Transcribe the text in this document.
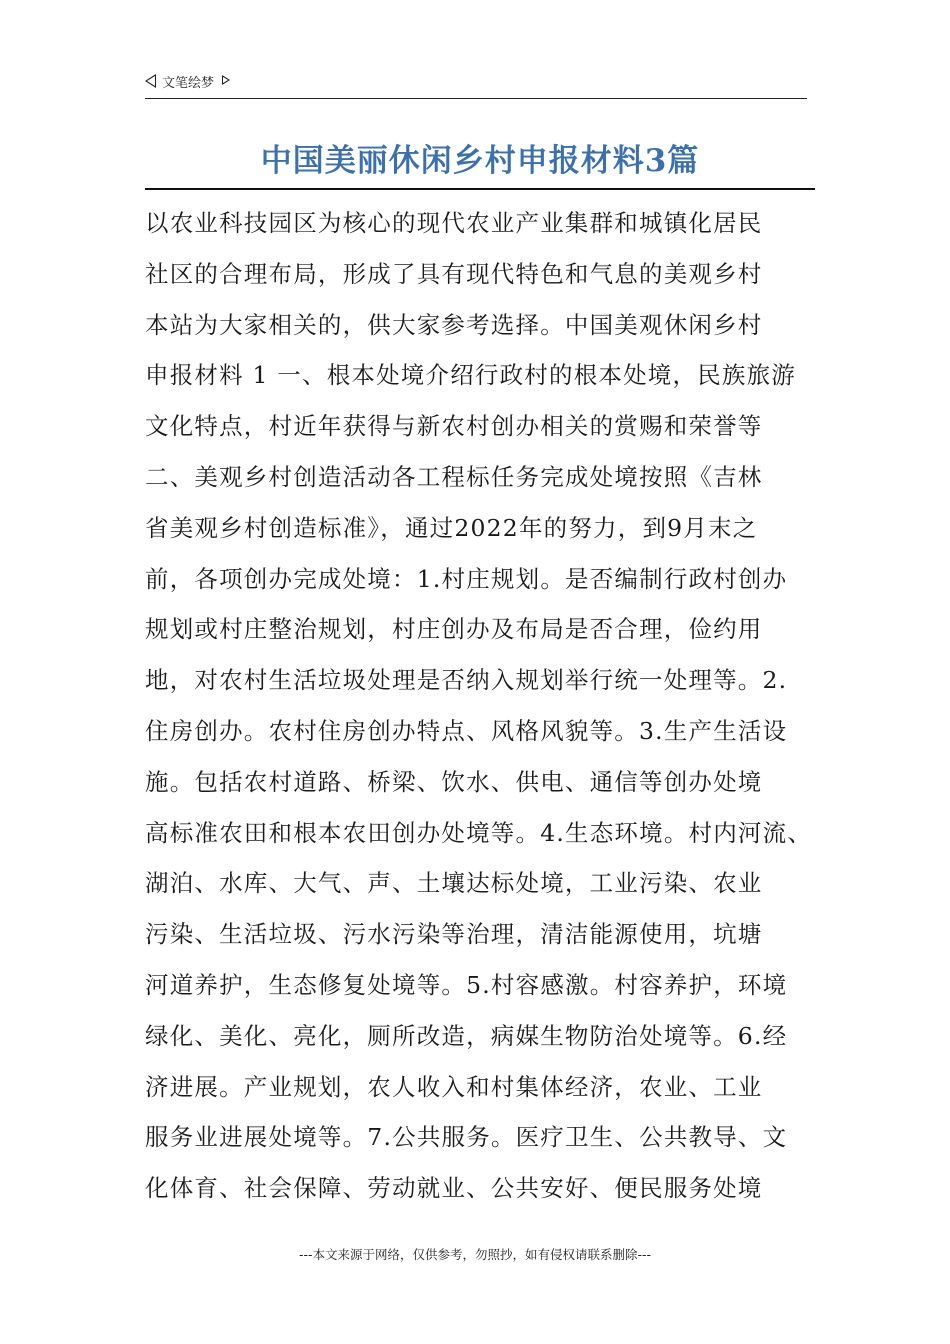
文笔绘梦
中国美丽休闲乡村申报材料3篇
以农业科技园区为核心的现代农业产业集群和城镇化居民
社区的合理布局，形成了具有现代特色和气息的美观乡村
本站为大家相关的，供大家参考选择。中国美观休闲乡村
申报材料 1 一、根本处境介绍行政村的根本处境，民族旅游
文化特点，村近年获得与新农村创办相关的赏赐和荣誉等
二、美观乡村创造活动各工程标任务完成处境按照《吉林
省美观乡村创造标准》，通过2022年的努力，到9月末之
前，各项创办完成处境：1.村庄规划。是否编制行政村创办
规划或村庄整治规划，村庄创办及布局是否合理，俭约用
地，对农村生活垃圾处理是否纳入规划举行统一处理等。2.
住房创办。农村住房创办特点、风格风貌等。3.生产生活设
施。包括农村道路、桥梁、饮水、供电、通信等创办处境
高标准农田和根本农田创办处境等。4.生态环境。村内河流、
湖泊、水库、大气、声、土壤达标处境，工业污染、农业
污染、生活垃圾、污水污染等治理，清洁能源使用，坑塘
河道养护，生态修复处境等。5.村容感激。村容养护，环境
绿化、美化、亮化，厕所改造，病媒生物防治处境等。6.经
济进展。产业规划，农人收入和村集体经济，农业、工业
服务业进展处境等。7.公共服务。医疗卫生、公共教导、文
化体育、社会保障、劳动就业、公共安好、便民服务处境
---本文来源于网络，仅供参考，勿照抄，如有侵权请联系删除---
